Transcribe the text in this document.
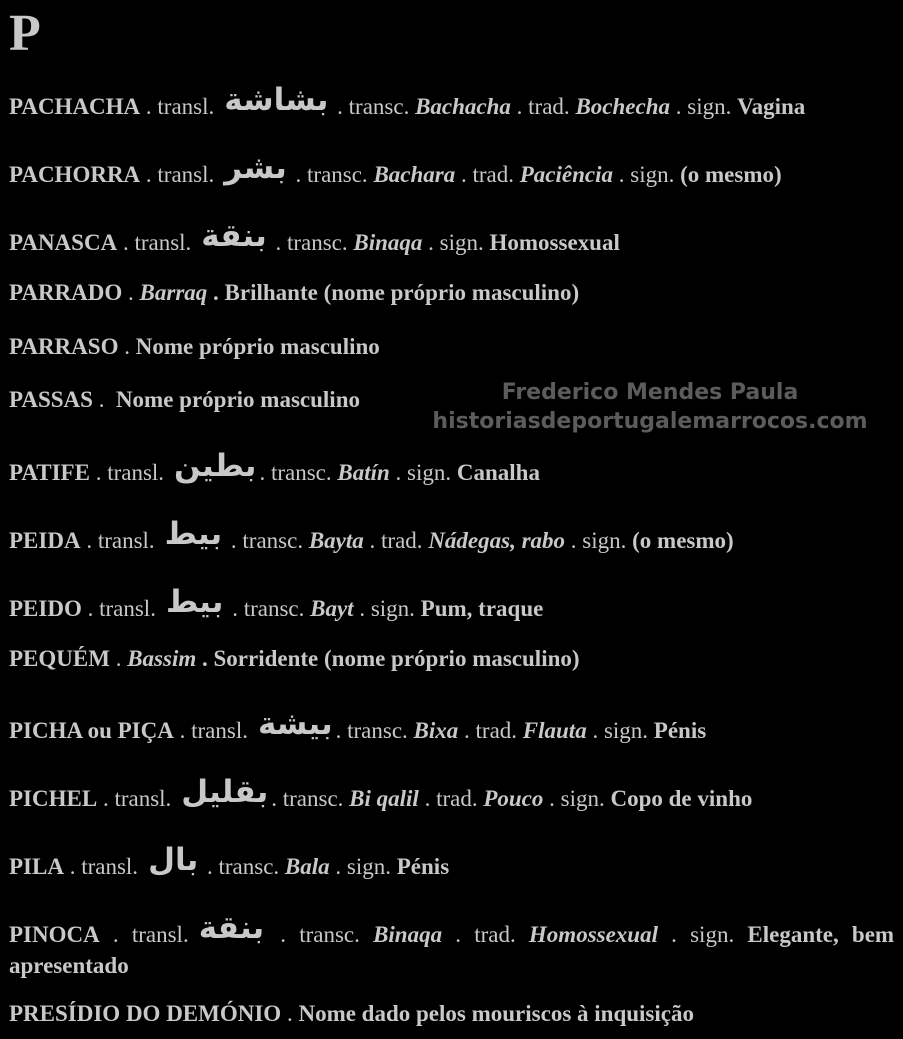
P
Frederico Mendes Paula
historiasdeportugalemarrocos.com
PACHACHA . transl. بشاشة . transc. Bachacha . trad. Bochecha . sign. Vagina
PACHORRA . transl. بشر . transc. Bachara . trad. Paciência . sign. (o mesmo)
PANASCA . transl. بنقة . transc. Binaqa . sign. Homossexual
PARRADO . Barraq . Brilhante (nome próprio masculino)
PARRASO . Nome próprio masculino
PASSAS .  Nome próprio masculino
PATIFE . transl. بطين . transc. Batín . sign. Canalha
PEIDA . transl. بيط . transc. Bayta . trad. Nádegas, rabo . sign. (o mesmo)
PEIDO . transl. بيط . transc. Bayt . sign. Pum, traque
PEQUÉM . Bassim . Sorridente (nome próprio masculino)
PICHA ou PIÇA . transl. بيشة . transc. Bixa . trad. Flauta . sign. Pénis
PICHEL . transl. بقليل . transc. Bi qalil . trad. Pouco . sign. Copo de vinho
PILA . transl. بال . transc. Bala . sign. Pénis
PINOCA . transl. بنقة . transc. Binaqa . trad. Homossexual . sign. Elegante, bem apresentado
PRESÍDIO DO DEMÓNIO . Nome dado pelos mouriscos à inquisição
